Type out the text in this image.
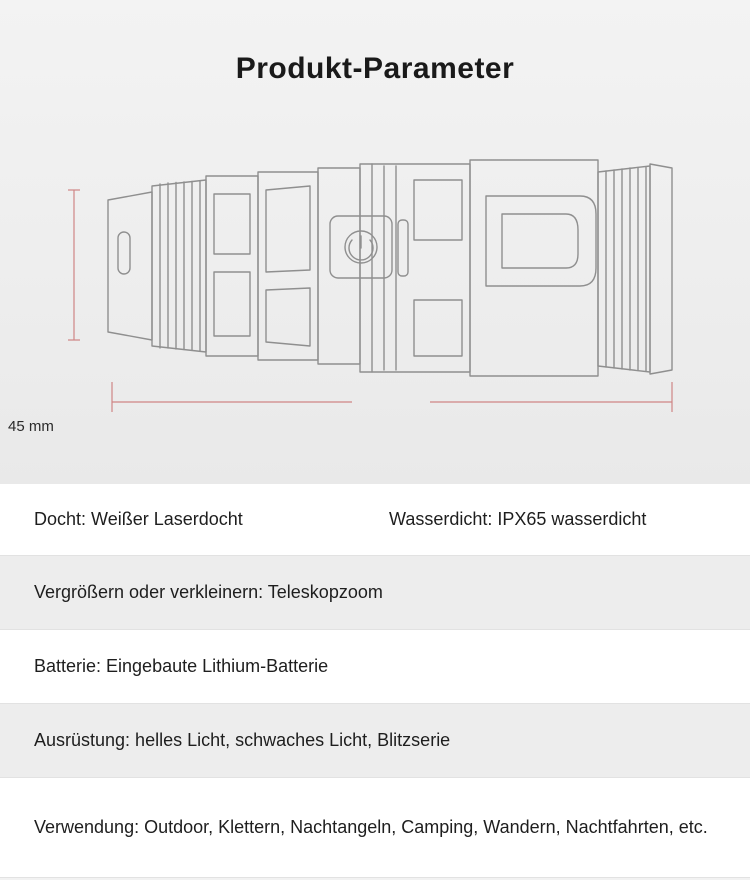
Produkt-Parameter
45 mm
Docht: Weißer Laserdocht	Wasserdicht: IPX65 wasserdicht
Vergrößern oder verkleinern: Teleskopzoom
Batterie: Eingebaute Lithium-Batterie
Ausrüstung: helles Licht, schwaches Licht, Blitzserie
Verwendung: Outdoor, Klettern, Nachtangeln, Camping, Wandern, Nachtfahrten, etc.
